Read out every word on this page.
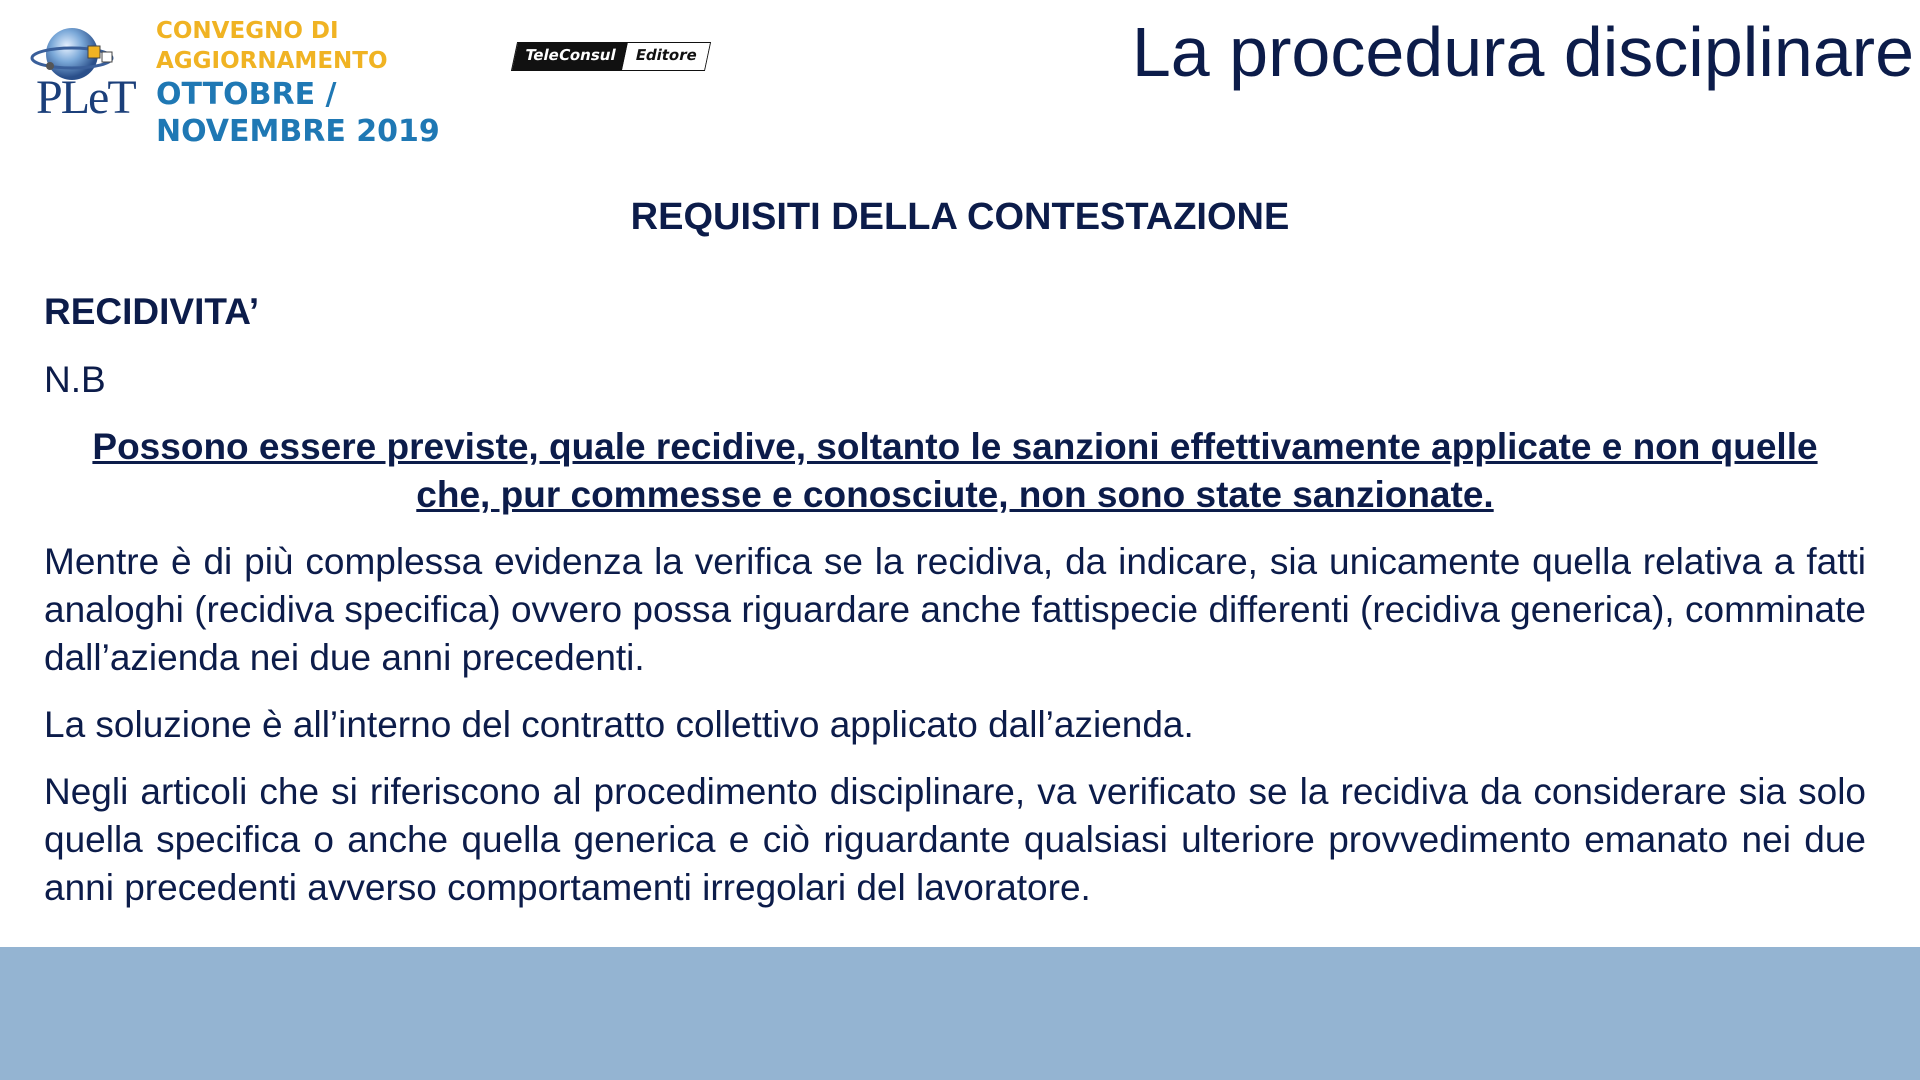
PLeT
CONVEGNO DI
AGGIORNAMENTO
OTTOBRE /
NOVEMBRE 2019
TeleConsul	Editore	La procedura disciplinare
REQUISITI DELLA CONTESTAZIONE

RECIDIVITA’

N.B

Possono essere previste, quale recidive, soltanto le sanzioni effettivamente applicate e non quelle che, pur commesse e conosciute, non sono state sanzionate.

Mentre è di più complessa evidenza la verifica se la recidiva, da indicare, sia unicamente quella relativa a fatti analoghi (recidiva specifica) ovvero possa riguardare anche fattispecie differenti (recidiva generica), comminate dall’azienda nei due anni precedenti.

La soluzione è all’interno del contratto collettivo applicato dall’azienda.

Negli articoli che si riferiscono al procedimento disciplinare, va verificato se la recidiva da considerare sia solo quella specifica o anche quella generica e ciò riguardante qualsiasi ulteriore provvedimento emanato nei due anni precedenti avverso comportamenti irregolari del lavoratore.
